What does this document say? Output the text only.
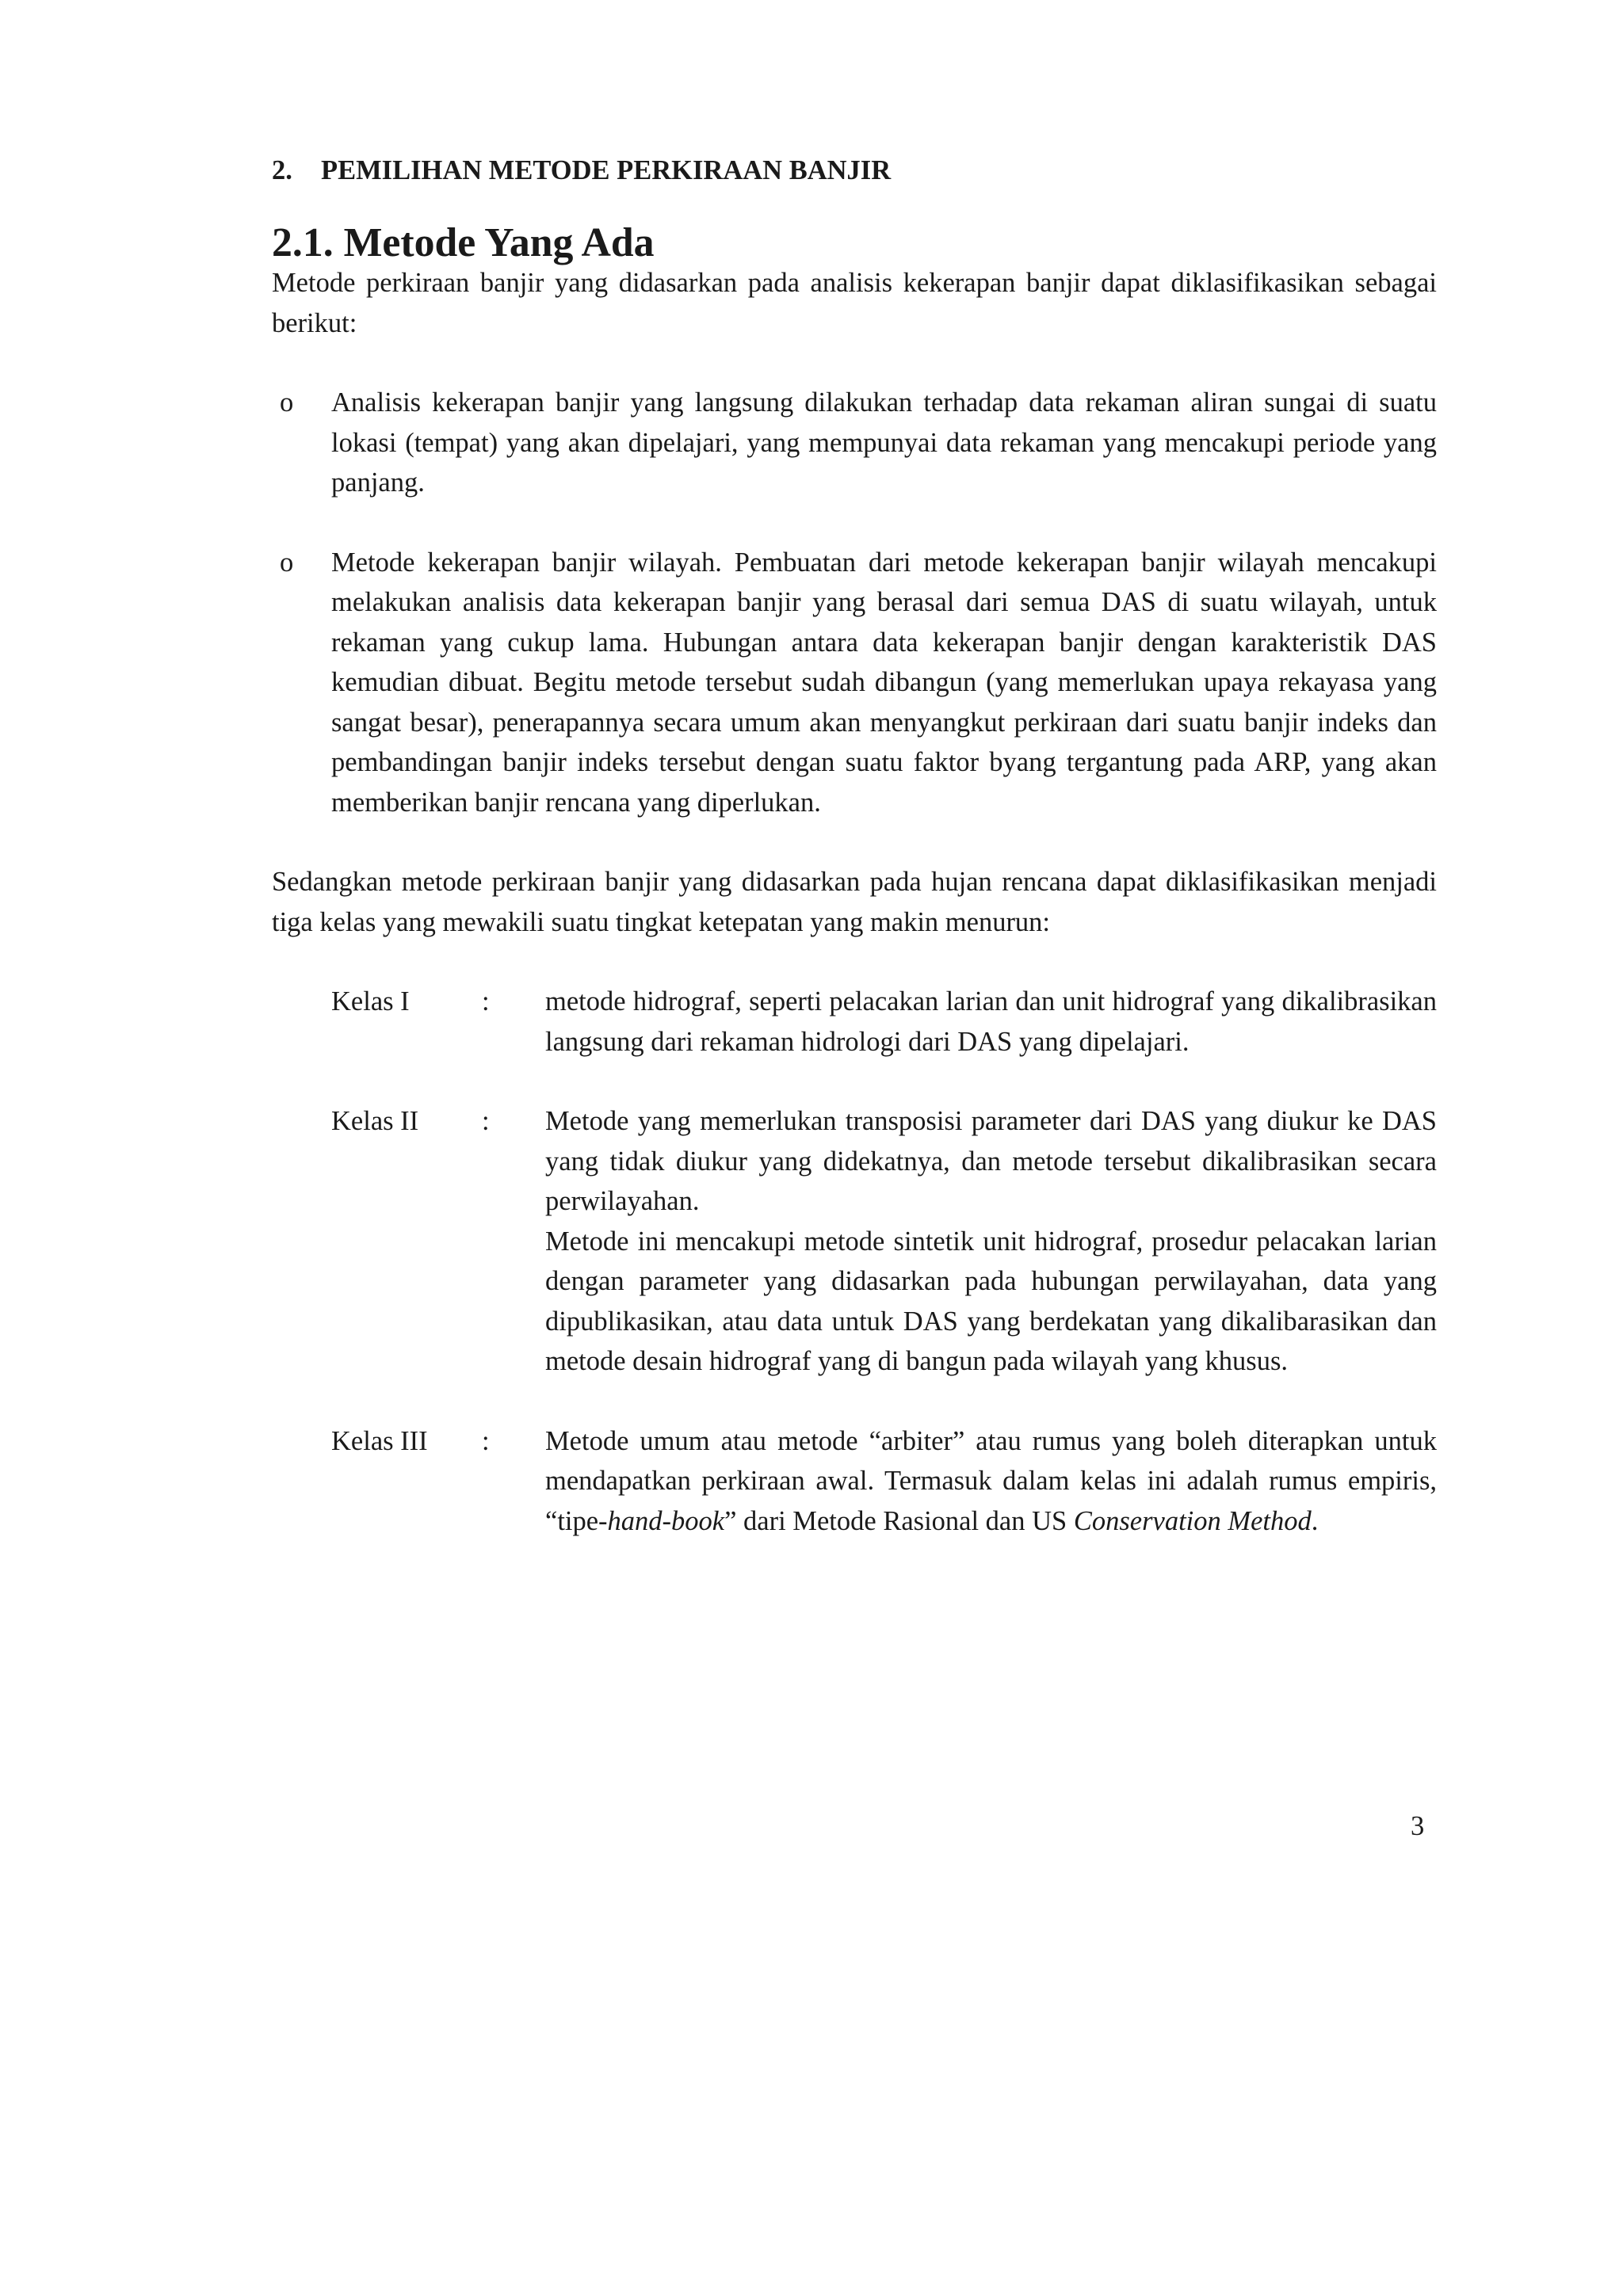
2.	PEMILIHAN METODE PERKIRAAN BANJIR
2.1. Metode Yang Ada

Metode perkiraan banjir yang didasarkan pada analisis kekerapan banjir dapat diklasifikasikan sebagai berikut:

o	Analisis kekerapan banjir yang langsung dilakukan terhadap data rekaman aliran sungai di suatu lokasi (tempat) yang akan dipelajari, yang mempunyai data rekaman yang mencakupi periode yang panjang.
o	Metode kekerapan banjir wilayah. Pembuatan dari metode kekerapan banjir wilayah mencakupi melakukan analisis data kekerapan banjir yang berasal dari semua DAS di suatu wilayah, untuk rekaman yang cukup lama. Hubungan antara data kekerapan banjir dengan karakteristik DAS kemudian dibuat. Begitu metode tersebut sudah dibangun (yang memerlukan upaya rekayasa yang sangat besar), penerapannya secara umum akan menyangkut perkiraan dari suatu banjir indeks dan pembandingan banjir indeks tersebut dengan suatu faktor byang tergantung pada ARP, yang akan memberikan banjir rencana yang diperlukan.

Sedangkan metode perkiraan banjir yang didasarkan pada hujan rencana dapat diklasifikasikan menjadi tiga kelas yang mewakili suatu tingkat ketepatan yang makin menurun:

Kelas I	:	metode hidrograf, seperti pelacakan larian dan unit hidrograf yang dikalibrasikan langsung dari rekaman hidrologi dari DAS yang dipelajari.

Kelas II	:	Metode yang memerlukan transposisi parameter dari DAS yang diukur ke DAS yang tidak diukur yang didekatnya, dan metode tersebut dikalibrasikan secara perwilayahan.

Metode ini mencakupi metode sintetik unit hidrograf, prosedur pelacakan larian dengan parameter yang didasarkan pada hubungan perwilayahan, data yang dipublikasikan, atau data untuk DAS yang berdekatan yang dikalibarasikan dan metode desain hidrograf yang di bangun pada wilayah yang khusus.

Kelas III	:	Metode umum atau metode “arbiter” atau rumus yang boleh diterapkan untuk mendapatkan perkiraan awal. Termasuk dalam kelas ini adalah rumus empiris, “tipe-hand-book” dari Metode Rasional dan US Conservation Method.

3
